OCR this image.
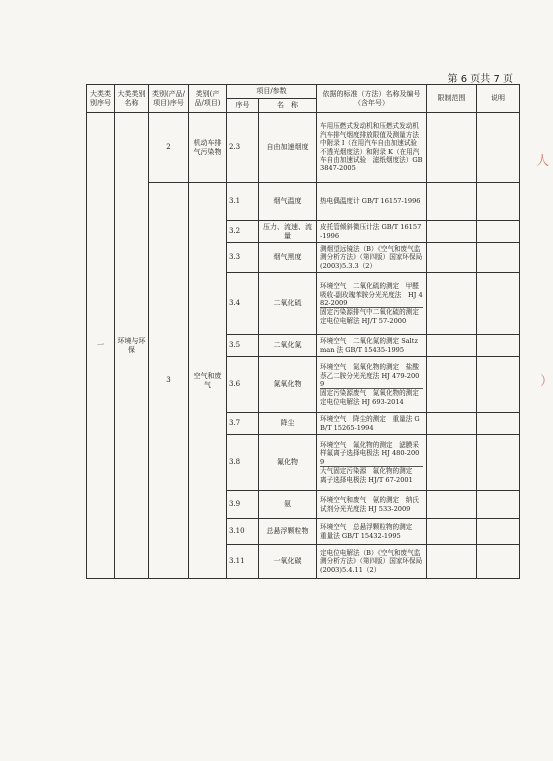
第 6 页共 7 页
大类类别序号	大类类别名称	类别(产品/项目)序号	类别(产品/项目)	项目/参数		依据的标准（方法）名称及编号（含年号）	限制范围	说明
				序号	名　称			
一	环境与环保	2	机动车排气污染物	2.3	自由加速烟度	车用压燃式发动机和压燃式发动机汽车排气烟度排放限值及测量方法中附录 I（在用汽车自由加速试验　不透光烟度法）和附录 K（在用汽车自由加速试验　滤纸烟度法）GB 3847-2005		

		3	空气和废气	3.1	烟气温度	热电偶温度计 GB/T 16157-1996		

				3.2	压力、流速、流量	皮托管倾斜微压计法 GB/T 16157-1996		

				3.3	烟气黑度	测烟望远镜法（B）《空气和废气监测分析方法》（第四版）国家环保局(2003)5.3.3（2）		

				3.4	二氧化硫	环境空气　二氧化硫的测定　甲醛吸收-副玫瑰苯胺分光光度法　HJ 482-2009
固定污染源排气中二氧化硫的测定　定电位电解法 HJ/T 57-2000		

				3.5	二氧化氮	环境空气　二氧化氮的测定 Saltzman 法 GB/T 15435-1995		

				3.6	氮氧化物	环境空气　氮氧化物的测定　盐酸萘乙二胺分光光度法 HJ 479-2009
固定污染源废气　氮氧化物的测定　定电位电解法 HJ 693-2014		

				3.7	降尘	环境空气　降尘的测定　重量法 GB/T 15265-1994		

				3.8	氟化物	环境空气　氟化物的测定　滤膜采样氟离子选择电极法 HJ 480-2009
大气固定污染源　氟化物的测定　离子选择电极法 HJ/T 67-2001		

				3.9	氨	环境空气和废气　氨的测定　纳氏试剂分光光度法 HJ 533-2009		

				3.10	总悬浮颗粒物	环境空气　总悬浮颗粒物的测定　重量法 GB/T 15432-1995		

				3.11	一氧化碳	定电位电解法（B）《空气和废气监测分析方法》（第四版）国家环保局(2003)5.4.11（2）		

人
）
